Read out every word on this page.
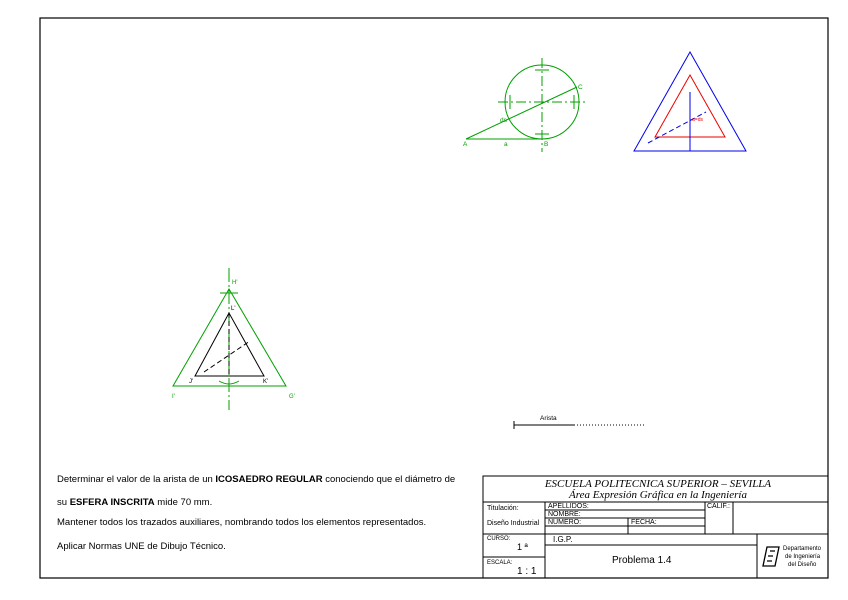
A	B
C
a
ds	a=ds
H'
I'	G'
J'	K'
L'
Arista
Determinar el valor de la arista de un ICOSAEDRO REGULAR conociendo que el diámetro de
su ESFERA INSCRITA mide 70 mm.
Mantener todos los trazados auxiliares, nombrando todos los elementos representados.
Aplicar Normas UNE de Dibujo Técnico.
ESCUELA POLITECNICA SUPERIOR – SEVILLA
Área Expresión Gráfica en la Ingeniería
Titulación:
Diseño Industrial
APELLIDOS:
NOMBRE:
NUMERO:	FECHA:
CALIF.:
CURSO:
1 ª
ESCALA:
1 : 1
I.G.P.
Problema 1.4
Departamento
de Ingeniería
del Diseño
